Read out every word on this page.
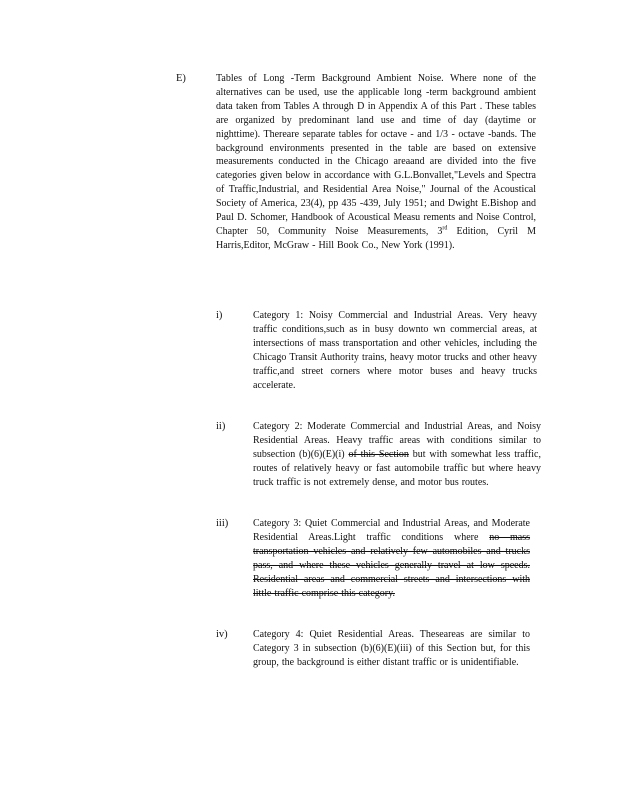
E)	Tables of Long -Term Background Ambient Noise. Where none of the alternatives can be used, use the applicable long -term background ambient data taken from Tables A through D in Appendix A of this Part . These tables are organized by predominant land use and time of day (daytime or nighttime). Thereare separate tables for octave - and 1/3 - octave -bands. The background environments presented in the table are based on extensive measurements conducted in the Chicago areaand are divided into the five categories given below in accordance with G.L.Bonvallet,"Levels and Spectra of Traffic,Industrial, and Residential Area Noise," Journal of the Acoustical Society of America, 23(4), pp 435 -439, July 1951; and Dwight E.Bishop and Paul D. Schomer, Handbook of Acoustical Measu rements and Noise Control, Chapter 50, Community Noise Measurements, 3rd Edition, Cyril M Harris,Editor, McGraw - Hill Book Co., New York (1991).
i)	Category 1: Noisy Commercial and Industrial Areas. Very heavy traffic conditions,such as in busy downto wn commercial areas, at intersections of mass transportation and other vehicles, including the Chicago Transit Authority trains, heavy motor trucks and other heavy traffic,and street corners where motor buses and heavy trucks accelerate.
ii)	Category 2: Moderate Commercial and Industrial Areas, and Noisy Residential Areas. Heavy traffic areas with conditions similar to subsection (b)(6)(E)(i) of this Section but with somewhat less traffic, routes of relatively heavy or fast automobile traffic but where heavy truck traffic is not extremely dense, and motor bus routes.
iii) Category 3: Quiet Commercial and Industrial Areas, and Moderate Residential Areas.Light traffic conditions where no mass transportation vehicles and relatively few automobiles and trucks pass, and where these vehicles generally travel at low speeds. Residential areas and commercial streets and intersections with little traffic comprise this category.
iv)	Category 4: Quiet Residential Areas. Theseareas are similar to Category 3 in subsection (b)(6)(E)(iii) of this Section but, for this group, the background is either distant traffic or is unidentifiable.
